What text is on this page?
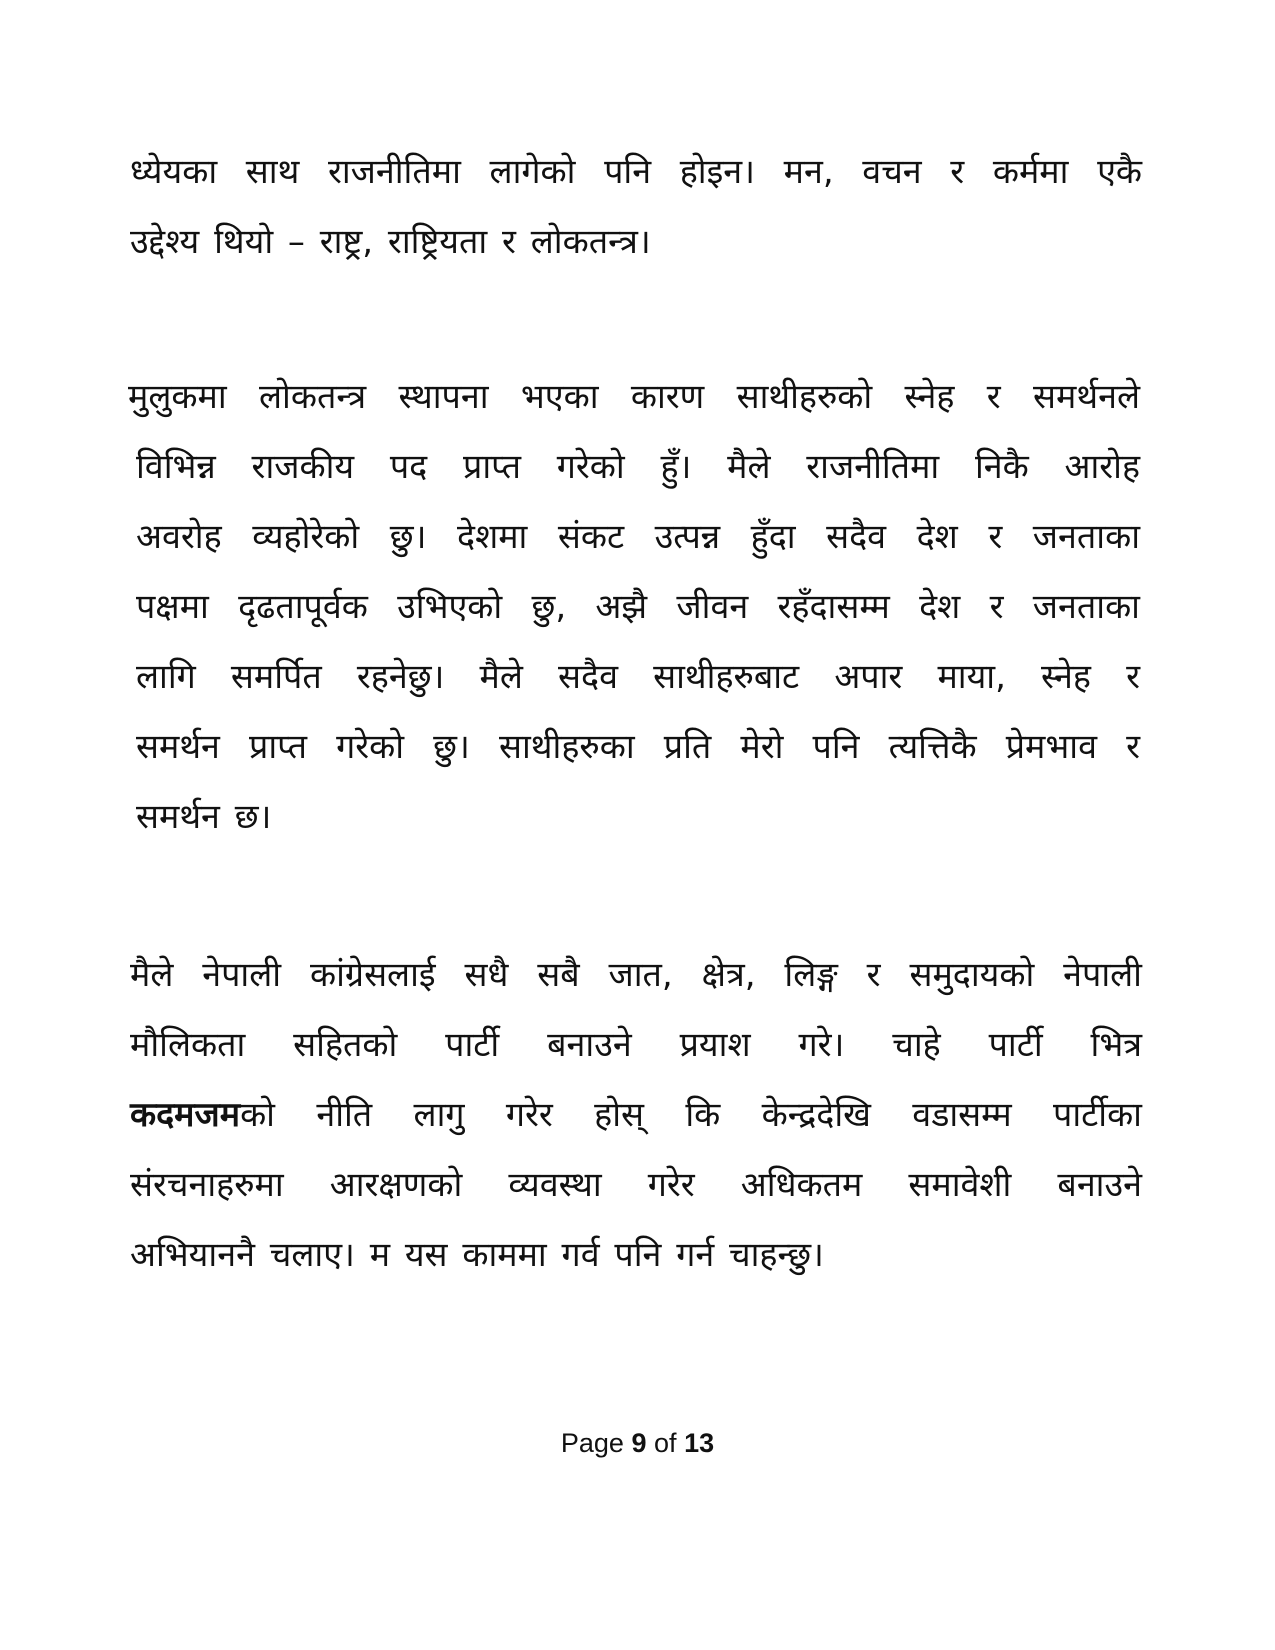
ध्येयका साथ राजनीतिमा लागेको पनि होइन। मन, वचन र कर्ममा एकै
उद्देश्य थियो – राष्ट्र, राष्ट्रियता र लोकतन्त्र।
मुलुकमा लोकतन्त्र स्थापना भएका कारण साथीहरुको स्नेह र समर्थनले
विभिन्न राजकीय पद प्राप्त गरेको हुँ। मैले राजनीतिमा निकै आरोह
अवरोह व्यहोरेको छु। देशमा संकट उत्पन्न हुँदा सदैव देश र जनताका
पक्षमा दृढतापूर्वक उभिएको छु, अझै जीवन रहँदासम्म देश र जनताका
लागि समर्पित रहनेछु। मैले सदैव साथीहरुबाट अपार माया, स्नेह र
समर्थन प्राप्त गरेको छु। साथीहरुका प्रति मेरो पनि त्यत्तिकै प्रेमभाव र
समर्थन छ।
मैले नेपाली कांग्रेसलाई सधै सबै जात, क्षेत्र, लिङ्ग र समुदायको नेपाली
मौलिकता सहितको पार्टी बनाउने प्रयाश गरे। चाहे पार्टी भित्र
कदमजमको नीति लागु गरेर होस् कि केन्द्रदेखि वडासम्म पार्टीका
संरचनाहरुमा आरक्षणको व्यवस्था गरेर अधिकतम समावेशी बनाउने
अभियाननै चलाए। म यस काममा गर्व पनि गर्न चाहन्छु।
Page 9 of 13
